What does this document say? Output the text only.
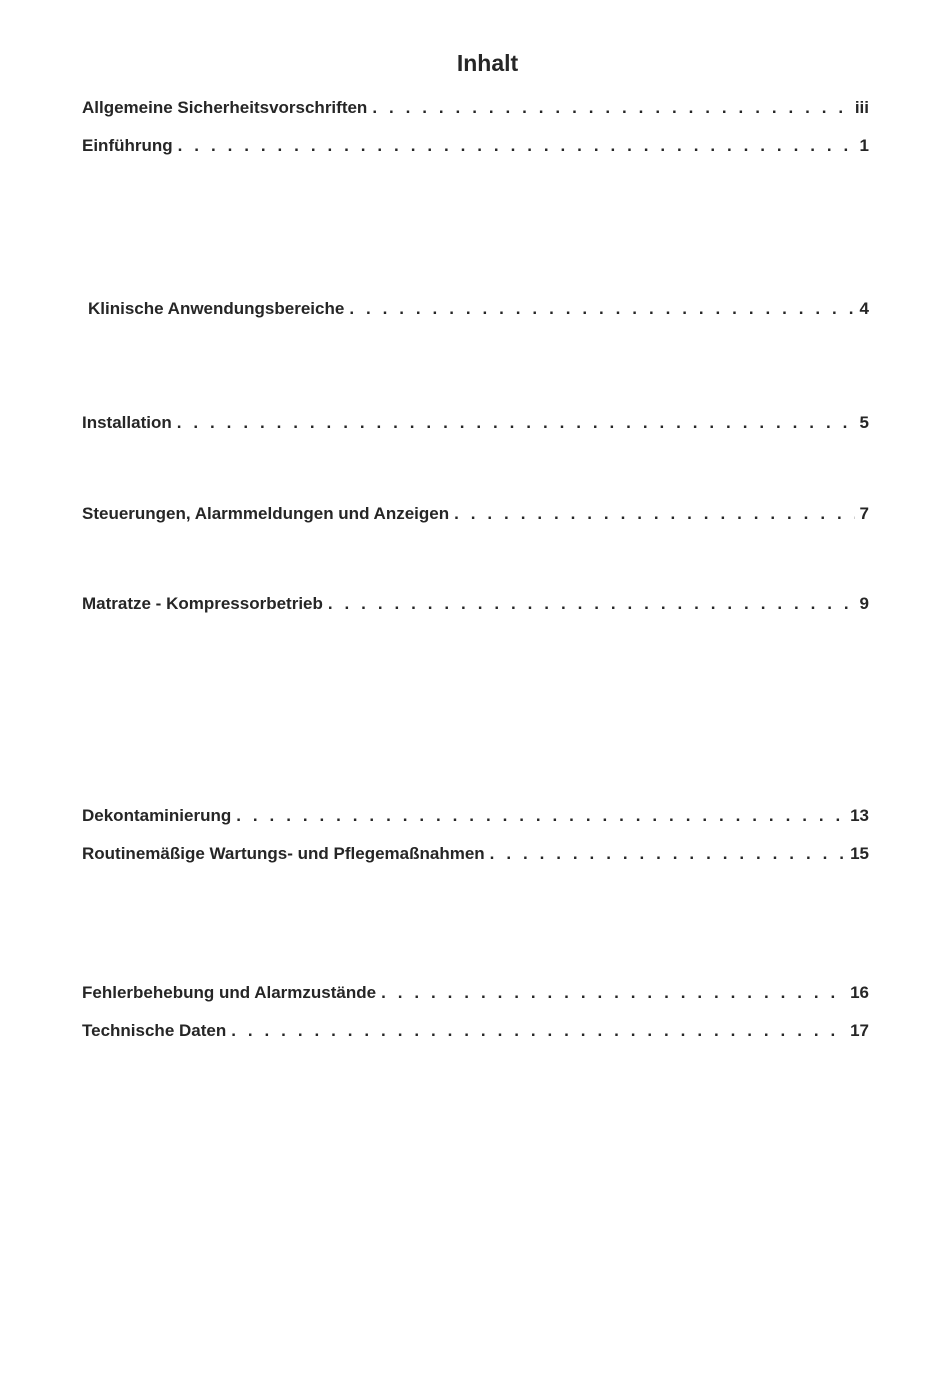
Inhalt
Allgemeine Sicherheitsvorschriften . . .	iii
Einführung . . .	1
Klinische Anwendungsbereiche . . .	4
Installation . . .	5
Steuerungen, Alarmmeldungen und Anzeigen . . .	7
Matratze - Kompressorbetrieb . . .	9
Dekontaminierung . . .	13
Routinemäßige Wartungs- und Pflegemaßnahmen . . .	15
Fehlerbehebung und Alarmzustände . . .	16
Technische Daten . . .	17
